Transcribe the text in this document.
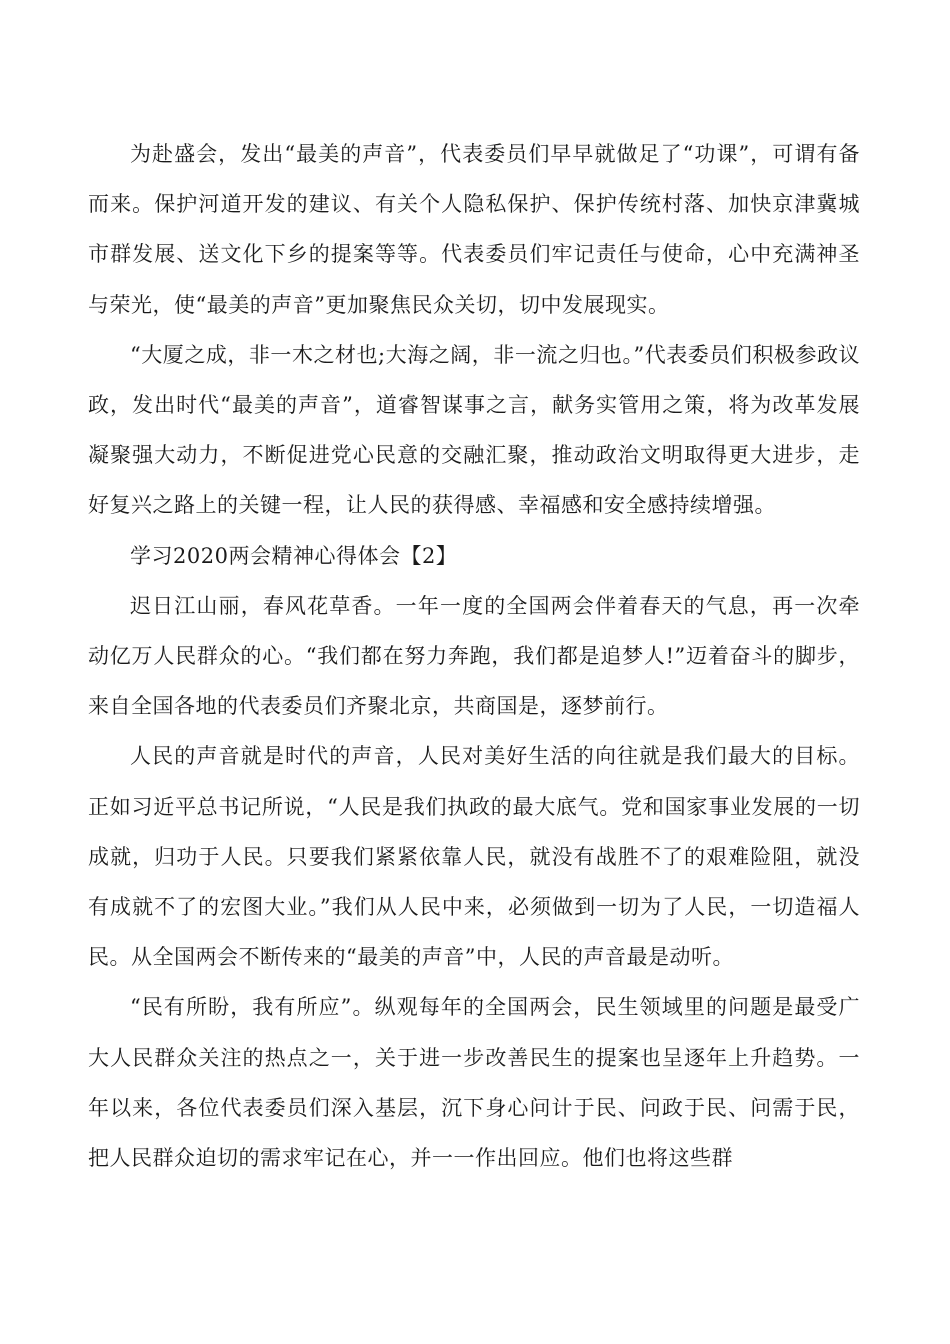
为赴盛会，发出“最美的声音”，代表委员们早早就做足了“功课”，可谓有备而来。保护河道开发的建议、有关个人隐私保护、保护传统村落、加快京津冀城市群发展、送文化下乡的提案等等。代表委员们牢记责任与使命，心中充满神圣与荣光，使“最美的声音”更加聚焦民众关切，切中发展现实。

“大厦之成，非一木之材也;大海之阔，非一流之归也。”代表委员们积极参政议政，发出时代“最美的声音”，道睿智谋事之言，献务实管用之策，将为改革发展凝聚强大动力，不断促进党心民意的交融汇聚，推动政治文明取得更大进步，走好复兴之路上的关键一程，让人民的获得感、幸福感和安全感持续增强。

学习2020两会精神心得体会【2】

迟日江山丽，春风花草香。一年一度的全国两会伴着春天的气息，再一次牵动亿万人民群众的心。“我们都在努力奔跑，我们都是追梦人!”迈着奋斗的脚步，来自全国各地的代表委员们齐聚北京，共商国是，逐梦前行。

人民的声音就是时代的声音，人民对美好生活的向往就是我们最大的目标。正如习近平总书记所说，“人民是我们执政的最大底气。党和国家事业发展的一切成就，归功于人民。只要我们紧紧依靠人民，就没有战胜不了的艰难险阻，就没有成就不了的宏图大业。”我们从人民中来，必须做到一切为了人民，一切造福人民。从全国两会不断传来的“最美的声音”中，人民的声音最是动听。

“民有所盼，我有所应”。纵观每年的全国两会，民生领域里的问题是最受广大人民群众关注的热点之一，关于进一步改善民生的提案也呈逐年上升趋势。一年以来，各位代表委员们深入基层，沉下身心问计于民、问政于民、问需于民，把人民群众迫切的需求牢记在心，并一一作出回应。他们也将这些群
